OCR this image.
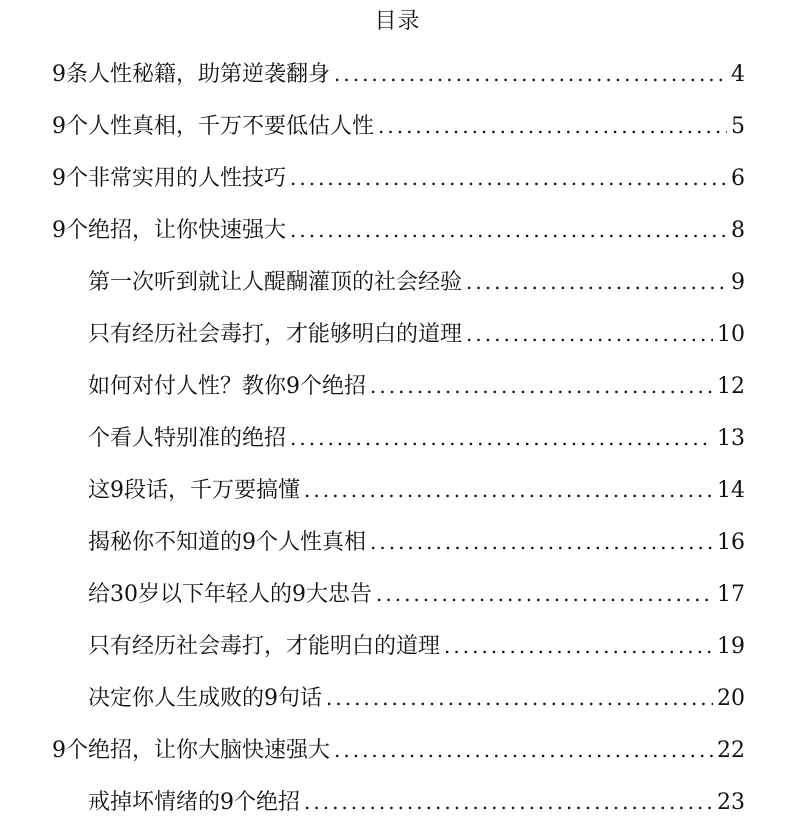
目录
9条人性秘籍，助第逆袭翻身 .....	4
9个人性真相，千万不要低估人性 .....	5
9个非常实用的人性技巧 .....	6
9个绝招，让你快速强大 .....	8
第一次听到就让人醍醐灌顶的社会经验 .....	9
只有经历社会毒打，才能够明白的道理 .....	10
如何对付人性？教你9个绝招 .....	12
个看人特别准的绝招 .....	13
这9段话，千万要搞懂 .....	14
揭秘你不知道的9个人性真相 .....	16
给30岁以下年轻人的9大忠告 .....	17
只有经历社会毒打，才能明白的道理 .....	19
决定你人生成败的9句话 .....	20
9个绝招，让你大脑快速强大 .....	22
戒掉坏情绪的9个绝招 .....	23
